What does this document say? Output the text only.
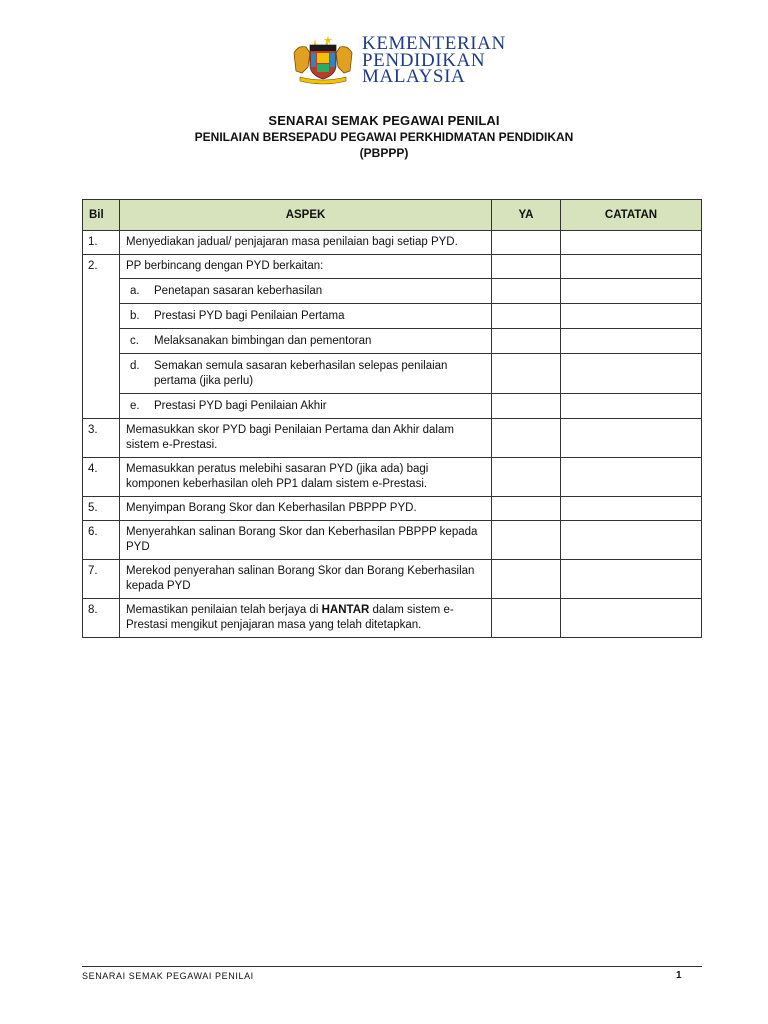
KEMENTERIAN
PENDIDIKAN
MALAYSIA
SENARAI SEMAK PEGAWAI PENILAI
PENILAIAN BERSEPADU PEGAWAI PERKHIDMATAN PENDIDIKAN
(PBPPP)
Bil	ASPEK	YA	CATATAN
1.	Menyediakan jadual/ penjajaran masa penilaian bagi setiap PYD.		
2.	PP berbincang dengan PYD berkaitan:		
	a. Penetapan sasaran keberhasilan		
	b. Prestasi PYD bagi Penilaian Pertama		
	c. Melaksanakan bimbingan dan pementoran		

	d. Semakan semula sasaran keberhasilan selepas penilaian
pertama (jika perlu)		

	e. Prestasi PYD bagi Penilaian Akhir		
3.	Memasukkan skor PYD bagi Penilaian Pertama dan Akhir dalam
sistem e-Prestasi.		

4.	Memasukkan peratus melebihi sasaran PYD (jika ada) bagi
komponen keberhasilan oleh PP1 dalam sistem e-Prestasi.		

5.	Menyimpan Borang Skor dan Keberhasilan PBPPP PYD.		
6.	Menyerahkan salinan Borang Skor dan Keberhasilan PBPPP kepada
PYD		

7.	Merekod penyerahan salinan Borang Skor dan Borang Keberhasilan
kepada PYD		

8.	Memastikan penilaian telah berjaya di HANTAR dalam sistem e-
Prestasi mengikut penjajaran masa yang telah ditetapkan.		

SENARAI SEMAK PEGAWAI PENILAI	1
